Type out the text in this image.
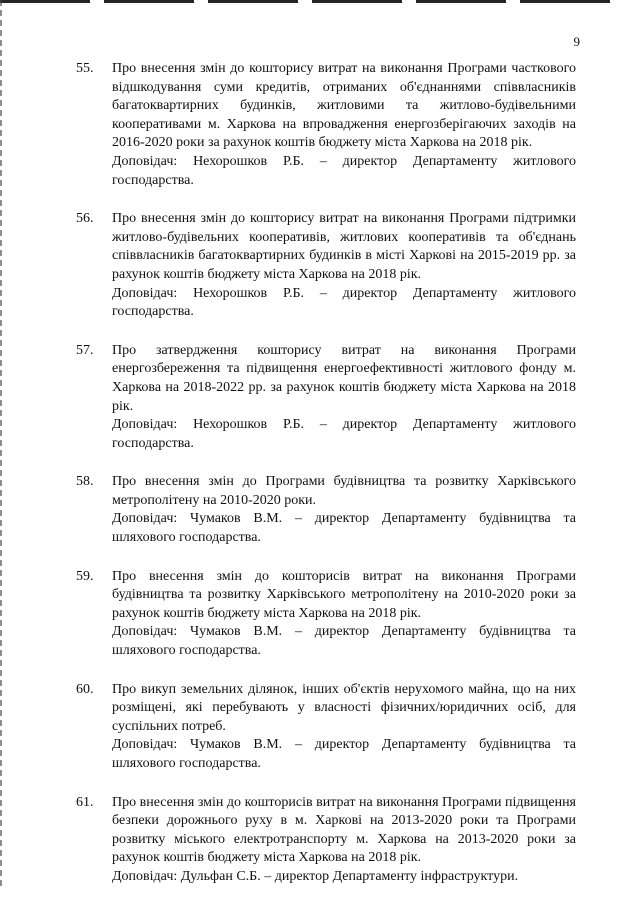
9
55.	Про внесення змін до кошторису витрат на виконання Програми часткового відшкодування суми кредитів, отриманих об'єднаннями співвласників багатоквартирних будинків, житловими та житлово-будівельними кооперативами м. Харкова на впровадження енергозберігаючих заходів на 2016-2020 роки за рахунок коштів бюджету міста Харкова на 2018 рік.

Доповідач: Нехорошков Р.Б. – директор Департаменту житлового господарства.

56.	Про внесення змін до кошторису витрат на виконання Програми підтримки житлово-будівельних кооперативів, житлових кооперативів та об'єднань співвласників багатоквартирних будинків в місті Харкові на 2015-2019 рр. за рахунок коштів бюджету міста Харкова на 2018 рік.

Доповідач: Нехорошков Р.Б. – директор Департаменту житлового господарства.

57.	Про затвердження кошторису витрат на виконання Програми енергозбереження та підвищення енергоефективності житлового фонду м. Харкова на 2018-2022 рр. за рахунок коштів бюджету міста Харкова на 2018 рік.

Доповідач: Нехорошков Р.Б. – директор Департаменту житлового господарства.

58.	Про внесення змін до Програми будівництва та розвитку Харківського метрополітену на 2010-2020 роки.

Доповідач: Чумаков В.М. – директор Департаменту будівництва та шляхового господарства.

59.	Про внесення змін до кошторисів витрат на виконання Програми будівництва та розвитку Харківського метрополітену на 2010-2020 роки за рахунок коштів бюджету міста Харкова на 2018 рік.

Доповідач: Чумаков В.М. – директор Департаменту будівництва та шляхового господарства.

60.	Про викуп земельних ділянок, інших об'єктів нерухомого майна, що на них розміщені, які перебувають у власності фізичних/юридичних осіб, для суспільних потреб.

Доповідач: Чумаков В.М. – директор Департаменту будівництва та шляхового господарства.

61.	Про внесення змін до кошторисів витрат на виконання Програми підвищення безпеки дорожнього руху в м. Харкові на 2013-2020 роки та Програми розвитку міського електротранспорту м. Харкова на 2013-2020 роки за рахунок коштів бюджету міста Харкова на 2018 рік.

Доповідач: Дульфан С.Б. – директор Департаменту інфраструктури.
